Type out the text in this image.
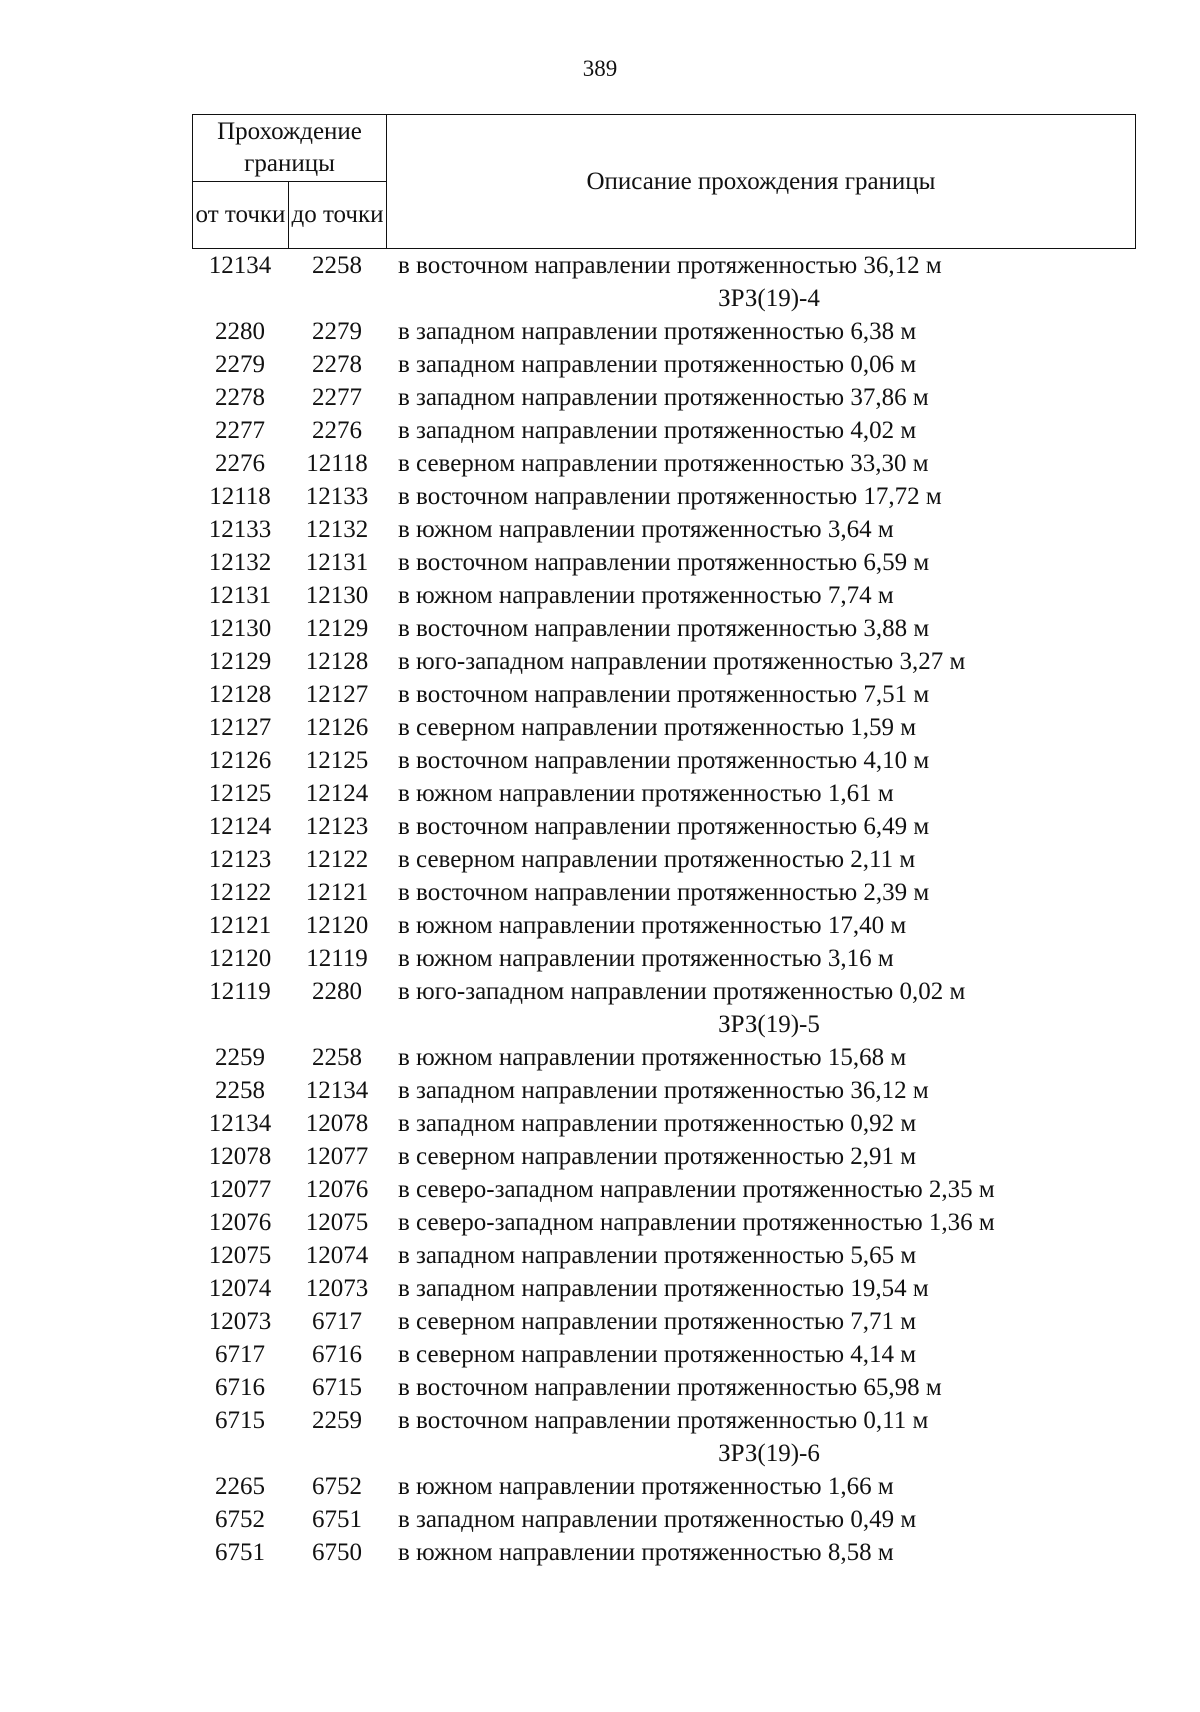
389
Прохождение границы		Описание прохождения границы
от точки	до точки	
12134	2258	в восточном направлении протяженностью 36,12 м
ЗРЗ(19)-4
2280	2279	в западном направлении протяженностью 6,38 м
2279	2278	в западном направлении протяженностью 0,06 м
2278	2277	в западном направлении протяженностью 37,86 м
2277	2276	в западном направлении протяженностью 4,02 м
2276	12118	в северном направлении протяженностью 33,30 м
12118	12133	в восточном направлении протяженностью 17,72 м
12133	12132	в южном направлении протяженностью 3,64 м
12132	12131	в восточном направлении протяженностью 6,59 м
12131	12130	в южном направлении протяженностью 7,74 м
12130	12129	в восточном направлении протяженностью 3,88 м
12129	12128	в юго-западном направлении протяженностью 3,27 м
12128	12127	в восточном направлении протяженностью 7,51 м
12127	12126	в северном направлении протяженностью 1,59 м
12126	12125	в восточном направлении протяженностью 4,10 м
12125	12124	в южном направлении протяженностью 1,61 м
12124	12123	в восточном направлении протяженностью 6,49 м
12123	12122	в северном направлении протяженностью 2,11 м
12122	12121	в восточном направлении протяженностью 2,39 м
12121	12120	в южном направлении протяженностью 17,40 м
12120	12119	в южном направлении протяженностью 3,16 м
12119	2280	в юго-западном направлении протяженностью 0,02 м
ЗРЗ(19)-5
2259	2258	в южном направлении протяженностью 15,68 м
2258	12134	в западном направлении протяженностью 36,12 м
12134	12078	в западном направлении протяженностью 0,92 м
12078	12077	в северном направлении протяженностью 2,91 м
12077	12076	в северо-западном направлении протяженностью 2,35 м
12076	12075	в северо-западном направлении протяженностью 1,36 м
12075	12074	в западном направлении протяженностью 5,65 м
12074	12073	в западном направлении протяженностью 19,54 м
12073	6717	в северном направлении протяженностью 7,71 м
6717	6716	в северном направлении протяженностью 4,14 м
6716	6715	в восточном направлении протяженностью 65,98 м
6715	2259	в восточном направлении протяженностью 0,11 м
ЗРЗ(19)-6
2265	6752	в южном направлении протяженностью 1,66 м
6752	6751	в западном направлении протяженностью 0,49 м
6751	6750	в южном направлении протяженностью 8,58 м
